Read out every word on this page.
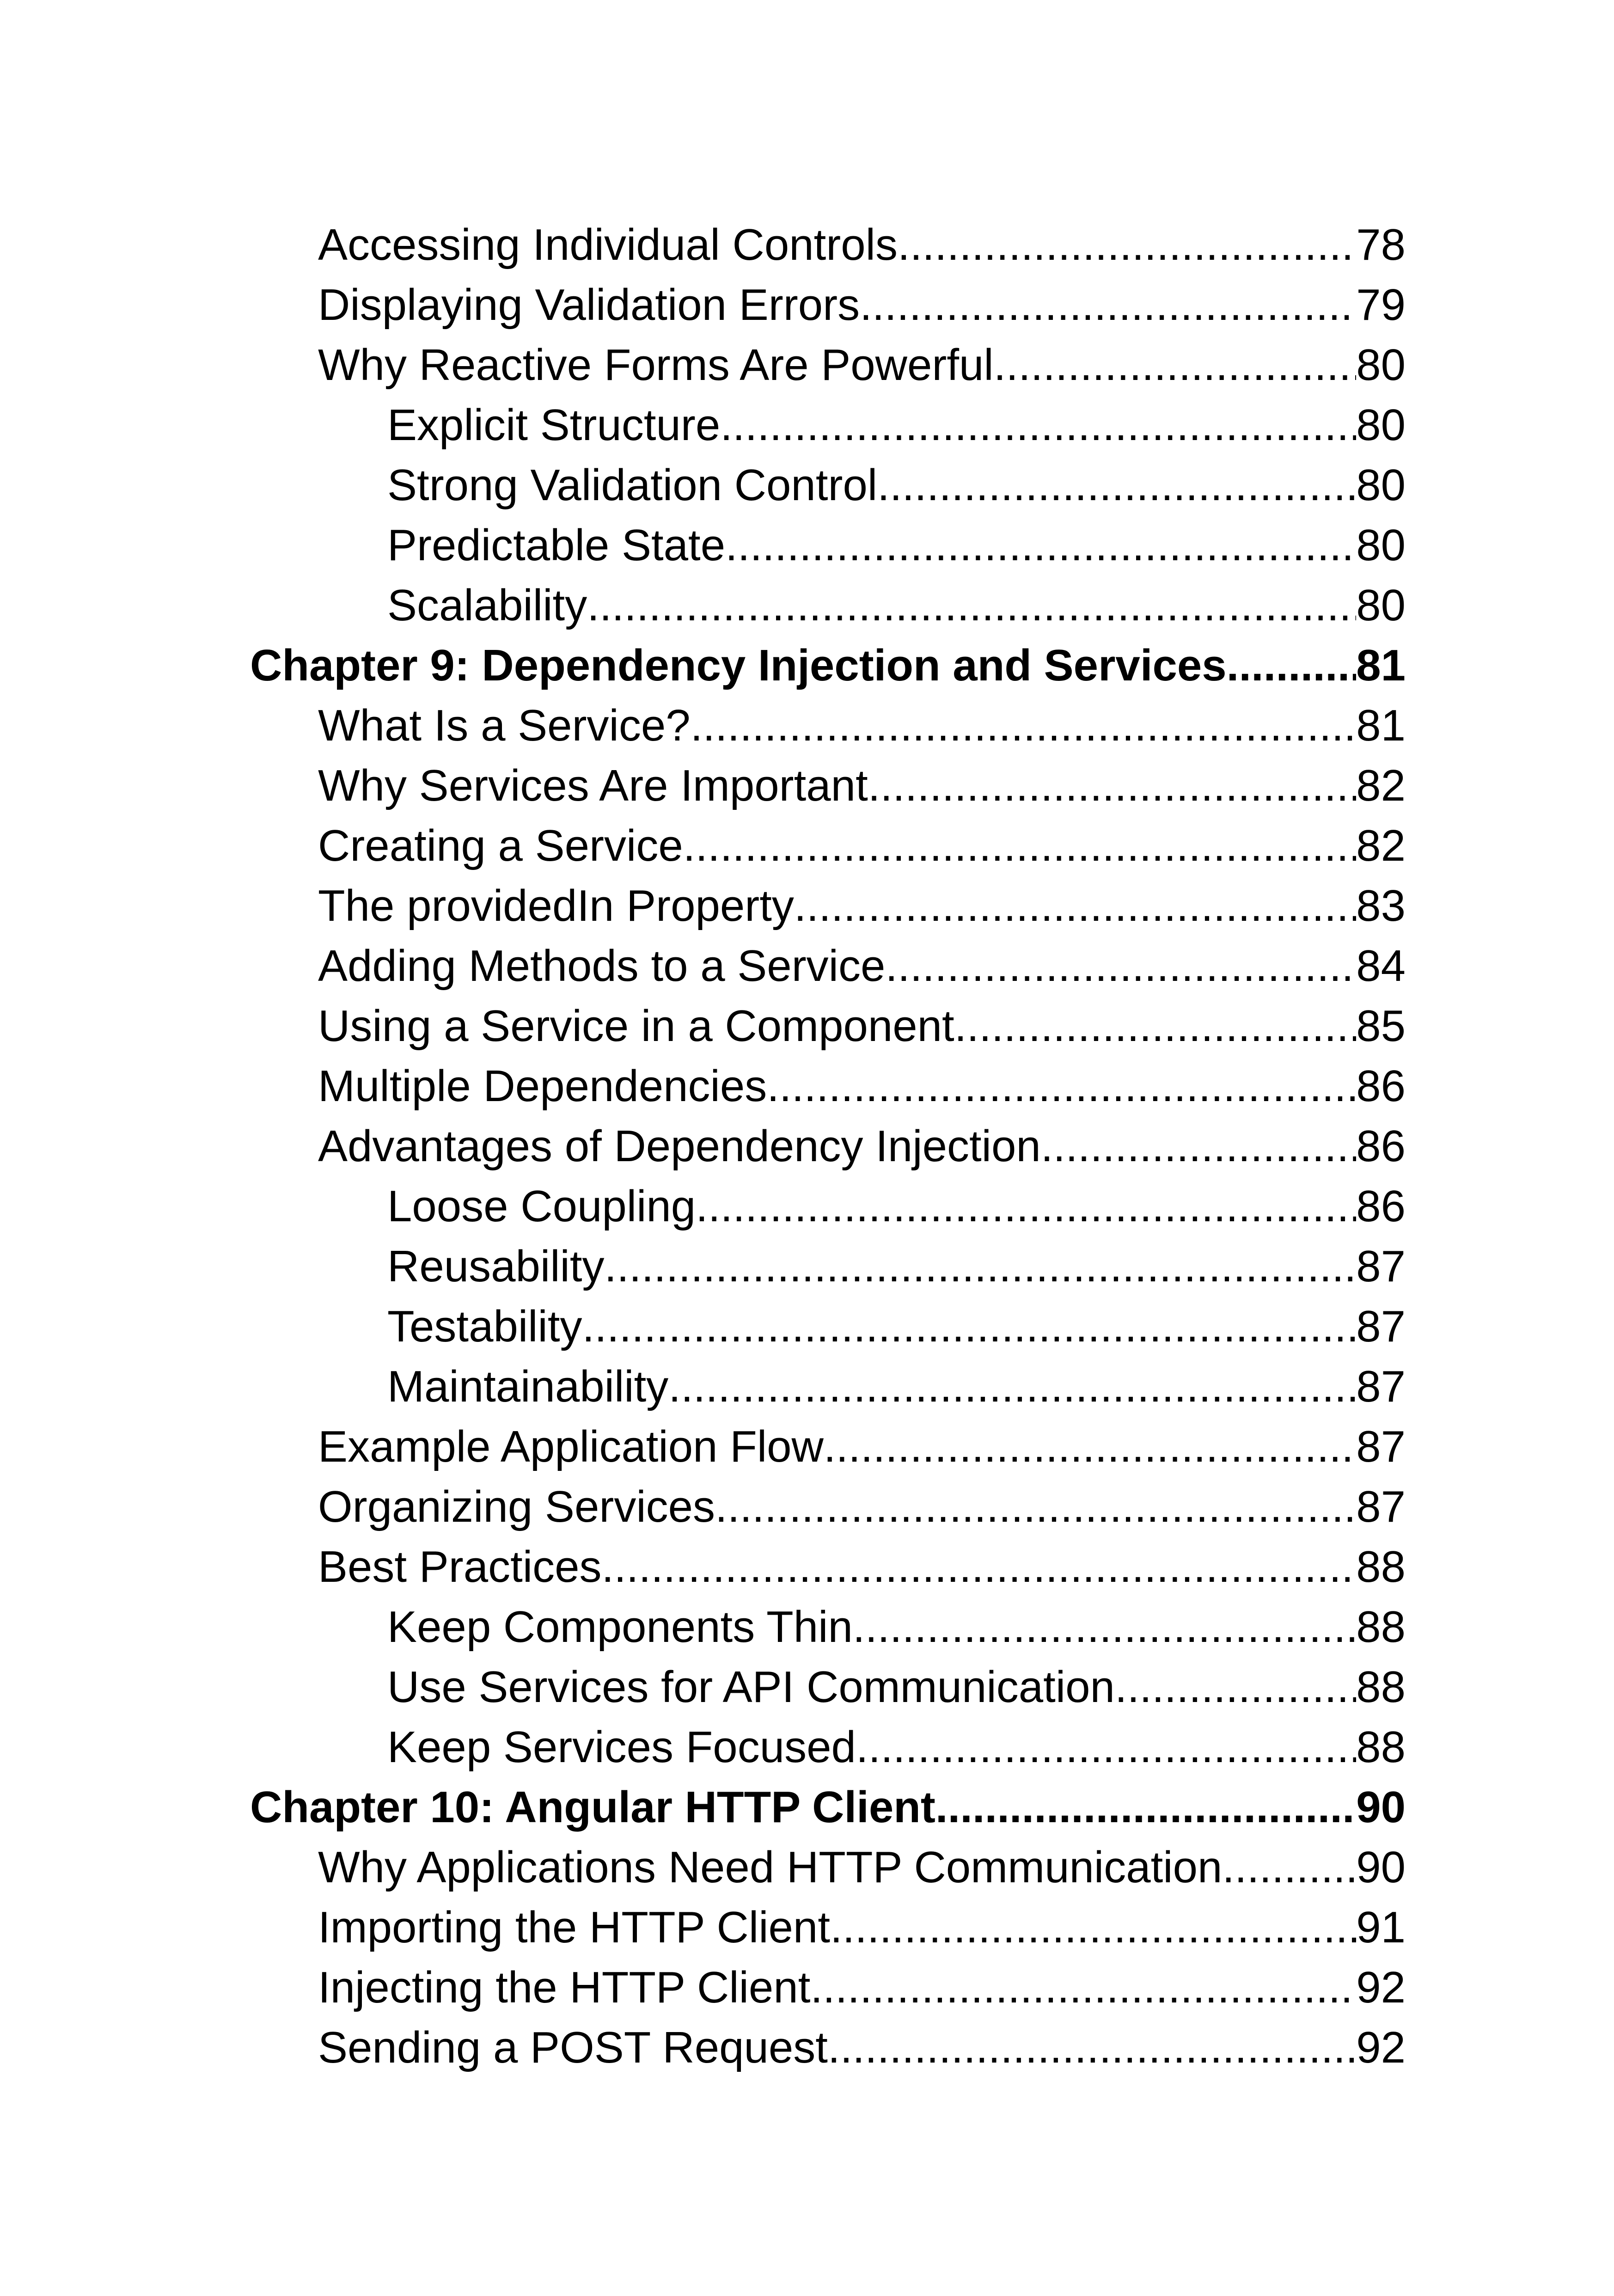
Accessing Individual Controls .....	78
Displaying Validation Errors .....	79
Why Reactive Forms Are Powerful .....	80
Explicit Structure .....	80
Strong Validation Control .....	80
Predictable State .....	80
Scalability .....	80
Chapter 9: Dependency Injection and Services .....	81
What Is a Service? .....	81
Why Services Are Important .....	82
Creating a Service .....	82
The providedIn Property .....	83
Adding Methods to a Service .....	84
Using a Service in a Component .....	85
Multiple Dependencies .....	86
Advantages of Dependency Injection .....	86
Loose Coupling .....	86
Reusability .....	87
Testability .....	87
Maintainability .....	87
Example Application Flow .....	87
Organizing Services .....	87
Best Practices .....	88
Keep Components Thin .....	88
Use Services for API Communication .....	88
Keep Services Focused .....	88
Chapter 10: Angular HTTP Client .....	90
Why Applications Need HTTP Communication .....	90
Importing the HTTP Client .....	91
Injecting the HTTP Client .....	92
Sending a POST Request .....	92
